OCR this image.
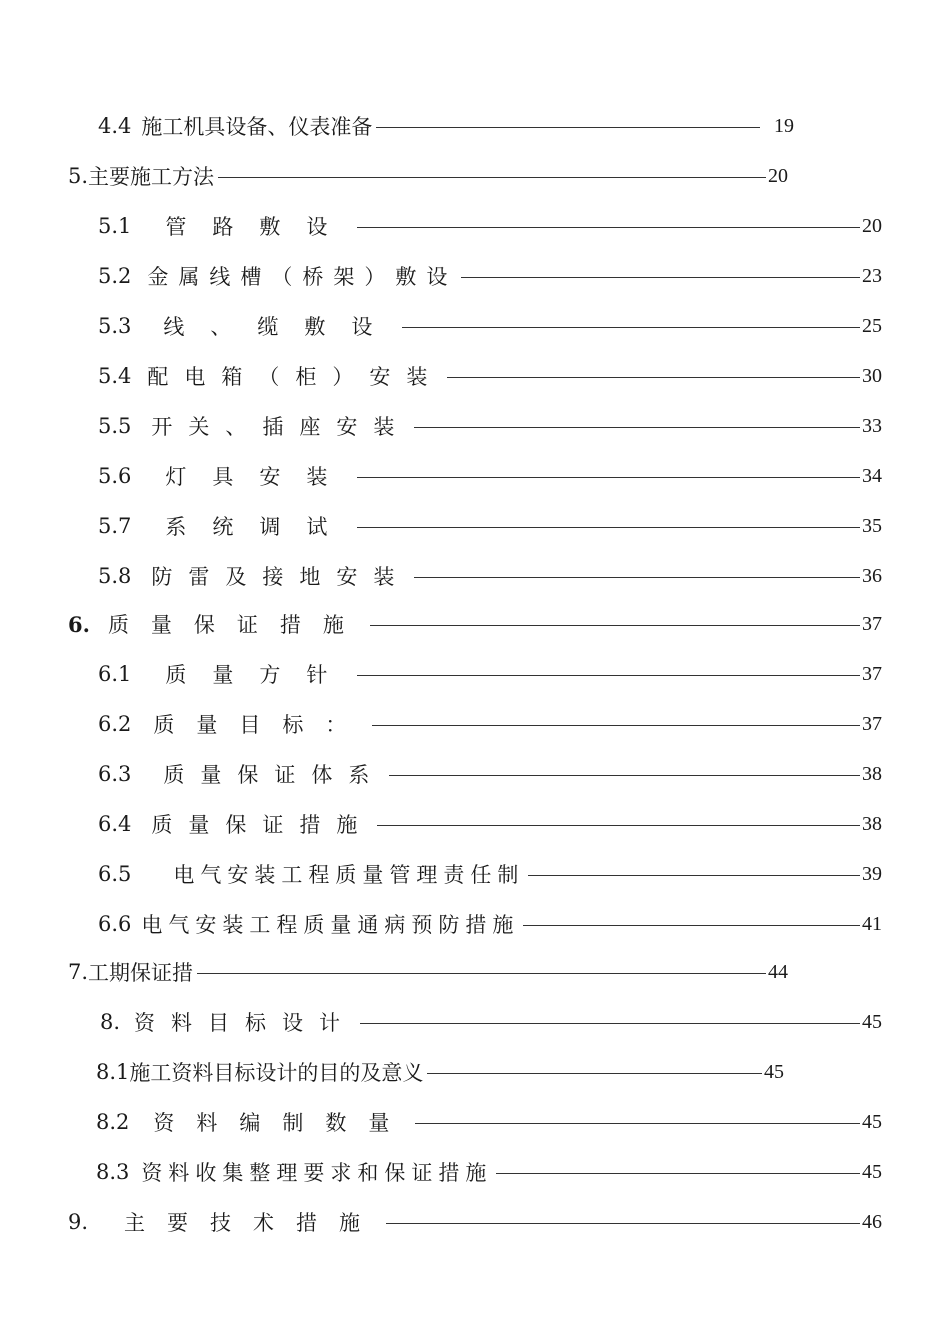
4.4 施工机具设备、仪表准备	19
5. 主要施工方法	20
5.1 管路敷设	20
5.2 金属线槽（桥架）敷设	23
5.3 线、缆敷设	25
5.4 配电箱（柜）安装	30
5.5 开关、插座安装	33
5.6 灯具安装	34
5.7 系统调试	35
5.8 防雷及接地安装	36
6. 质量保证措施	37
6.1 质量方针	37
6.2 质量目标：	37
6.3 质量保证体系	38
6.4 质量保证措施	38
6.5 电气安装工程质量管理责任制	39
6.6 电气安装工程质量通病预防措施	41
7. 工期保证措	44
8. 资料目标设计	45
8.1 施工资料目标设计的目的及意义	45
8.2 资料编制数量	45
8.3 资料收集整理要求和保证措施	45
9. 主要技术措施	46
